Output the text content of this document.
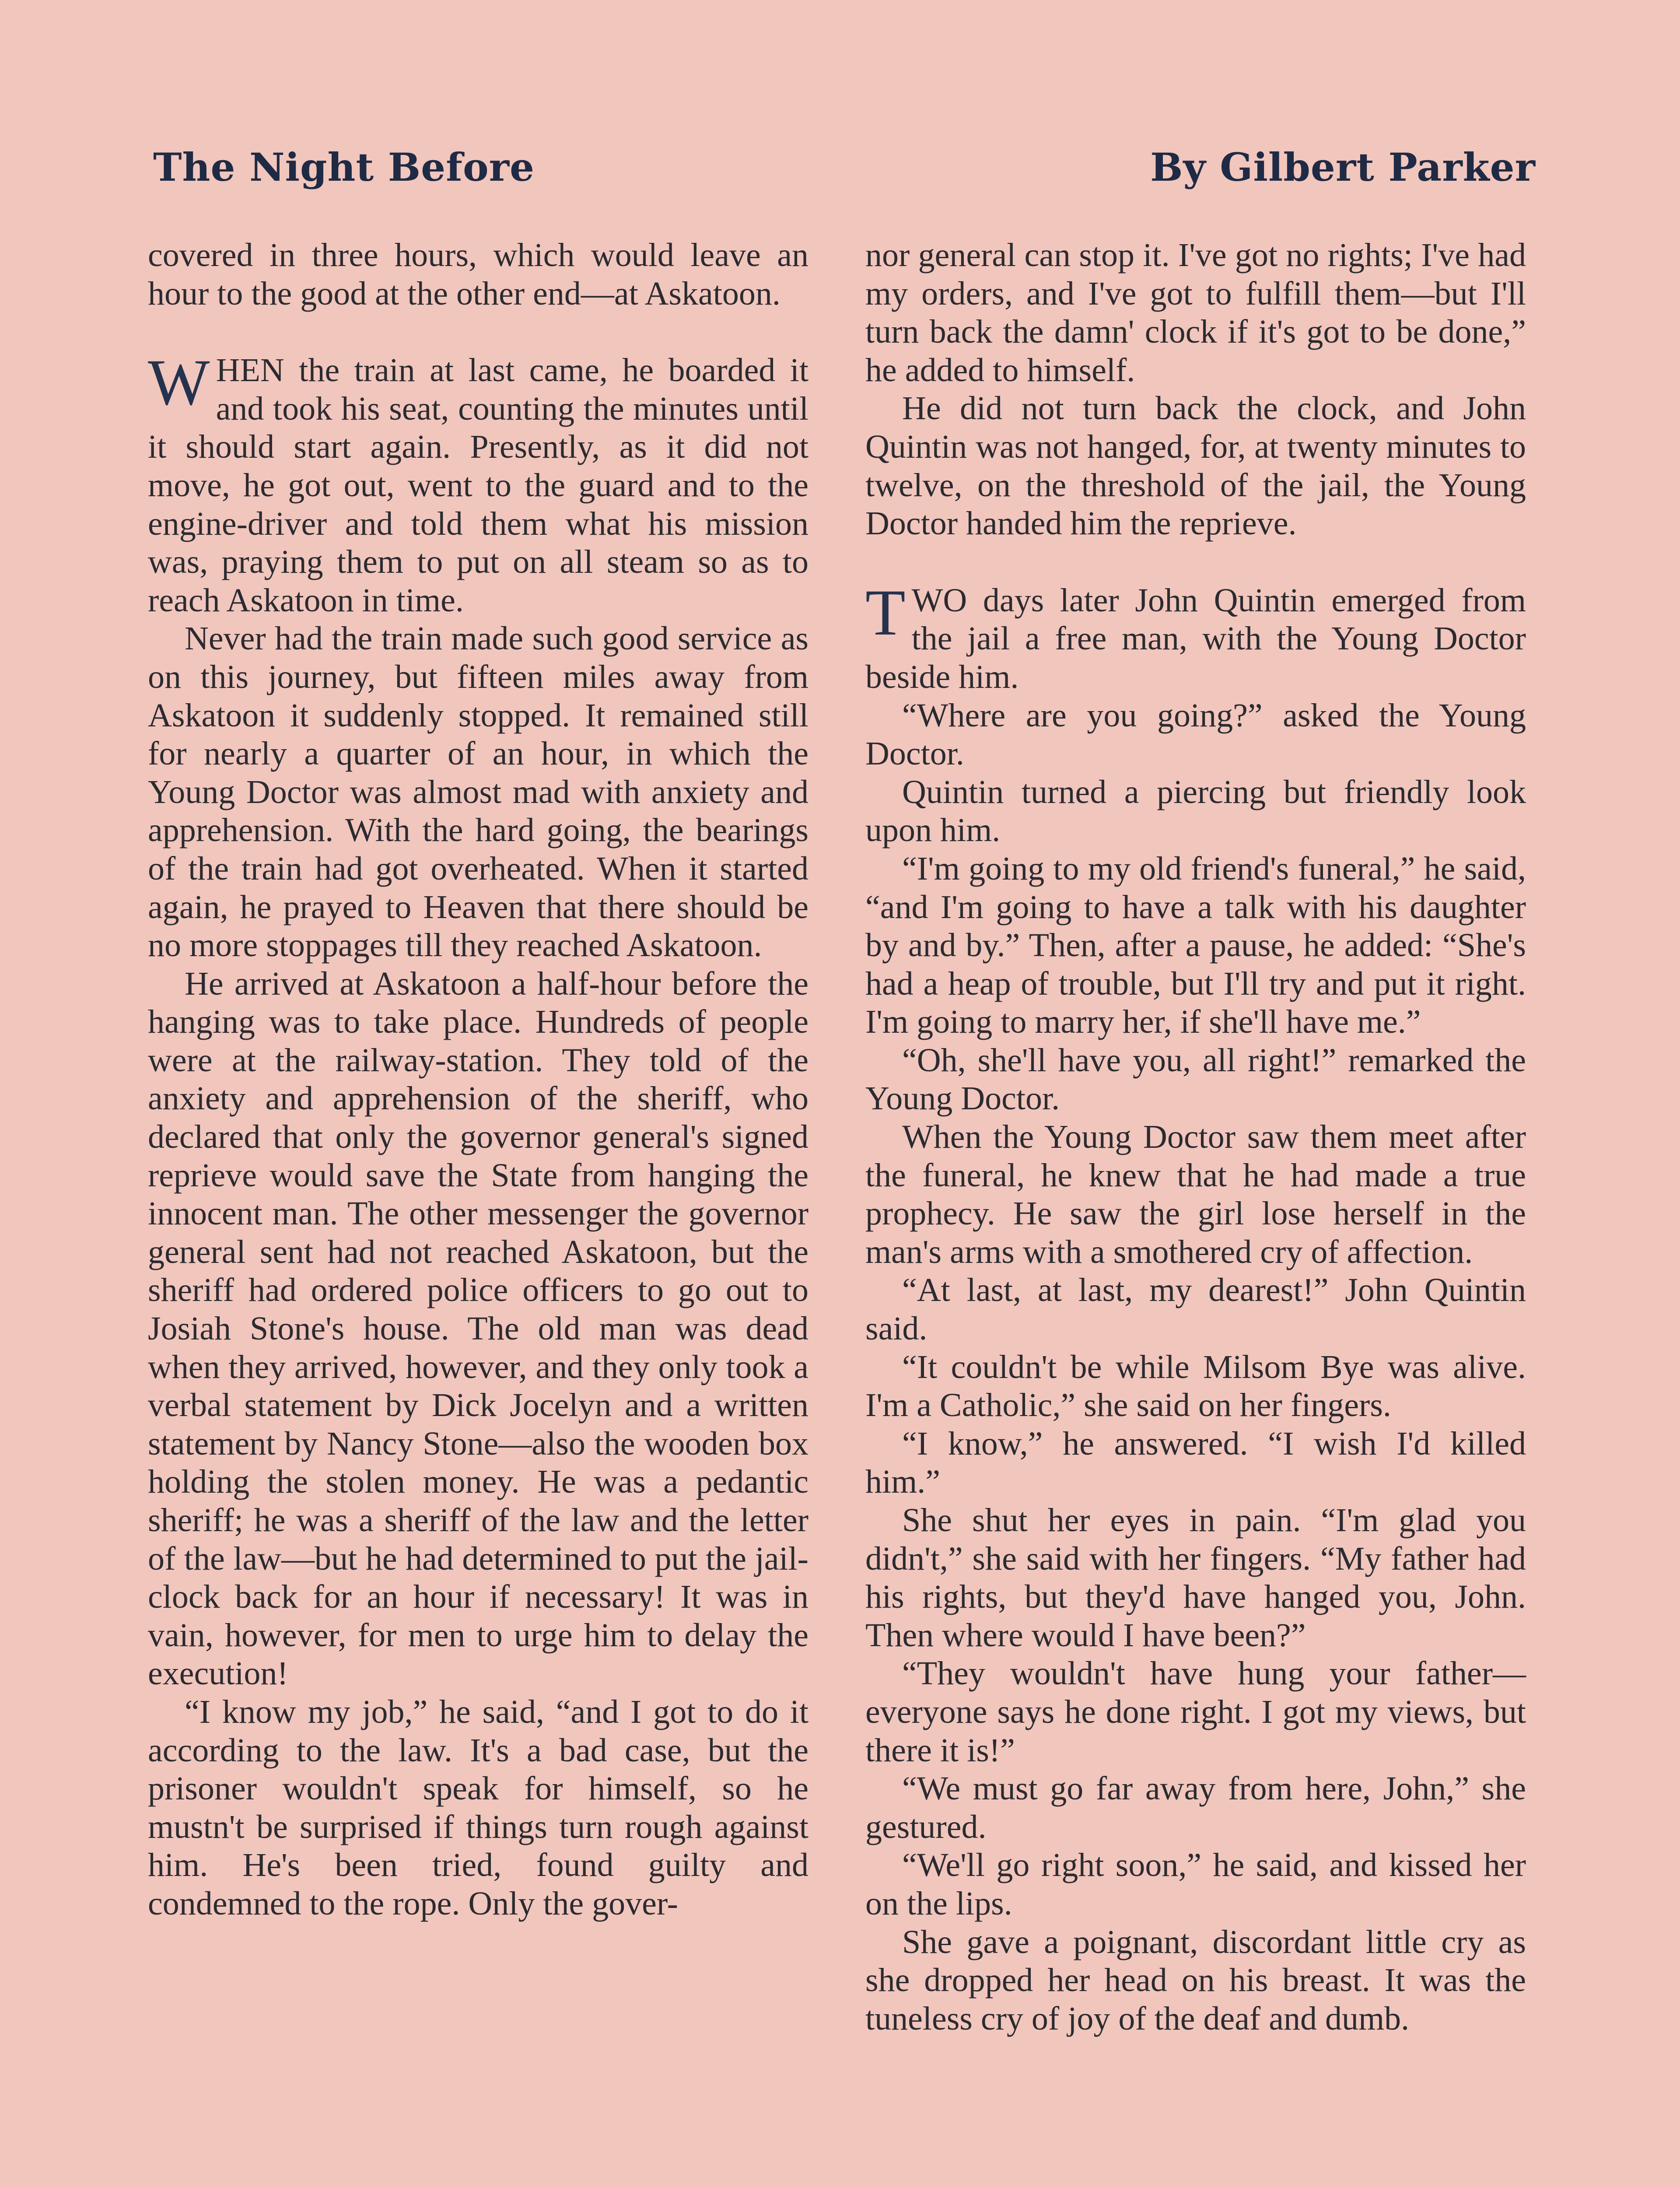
The Night Before	By Gilbert Parker

covered in three hours, which would leave an hour to the good at the other end—at Askatoon.

WHEN the train at last came, he boarded it and took his seat, counting the minutes until it should start again. Presently, as it did not move, he got out, went to the guard and to the engine-driver and told them what his mission was, praying them to put on all steam so as to reach Askatoon in time.

Never had the train made such good service as on this journey, but fifteen miles away from Askatoon it suddenly stopped. It remained still for nearly a quarter of an hour, in which the Young Doctor was almost mad with anxiety and apprehension. With the hard going, the bearings of the train had got overheated. When it started again, he prayed to Heaven that there should be no more stoppages till they reached Askatoon.

He arrived at Askatoon a half-hour before the hanging was to take place. Hundreds of people were at the railway-station. They told of the anxiety and apprehension of the sheriff, who declared that only the governor general's signed reprieve would save the State from hanging the innocent man. The other messenger the governor general sent had not reached Askatoon, but the sheriff had ordered police officers to go out to Josiah Stone's house. The old man was dead when they arrived, however, and they only took a verbal statement by Dick Jocelyn and a written statement by Nancy Stone—also the wooden box holding the stolen money. He was a pedantic sheriff; he was a sheriff of the law and the letter of the law—but he had determined to put the jail-clock back for an hour if necessary! It was in vain, however, for men to urge him to delay the execution!

“I know my job,” he said, “and I got to do it according to the law. It's a bad case, but the prisoner wouldn't speak for himself, so he mustn't be surprised if things turn rough against him. He's been tried, found guilty and condemned to the rope. Only the gover-

nor general can stop it. I've got no rights; I've had my orders, and I've got to fulfill them—but I'll turn back the damn' clock if it's got to be done,” he added to himself.

He did not turn back the clock, and John Quintin was not hanged, for, at twenty minutes to twelve, on the threshold of the jail, the Young Doctor handed him the reprieve.

TWO days later John Quintin emerged from the jail a free man, with the Young Doctor beside him.

“Where are you going?” asked the Young Doctor.

Quintin turned a piercing but friendly look upon him.

“I'm going to my old friend's funeral,” he said, “and I'm going to have a talk with his daughter by and by.” Then, after a pause, he added: “She's had a heap of trouble, but I'll try and put it right. I'm going to marry her, if she'll have me.”

“Oh, she'll have you, all right!” remarked the Young Doctor.

When the Young Doctor saw them meet after the funeral, he knew that he had made a true prophecy. He saw the girl lose herself in the man's arms with a smothered cry of affection.

“At last, at last, my dearest!” John Quintin said.

“It couldn't be while Milsom Bye was alive. I'm a Catholic,” she said on her fingers.

“I know,” he answered. “I wish I'd killed him.”

She shut her eyes in pain. “I'm glad you didn't,” she said with her fingers. “My father had his rights, but they'd have hanged you, John. Then where would I have been?”

“They wouldn't have hung your father—everyone says he done right. I got my views, but there it is!”

“We must go far away from here, John,” she gestured.

“We'll go right soon,” he said, and kissed her on the lips.

She gave a poignant, discordant little cry as she dropped her head on his breast. It was the tuneless cry of joy of the deaf and dumb.
